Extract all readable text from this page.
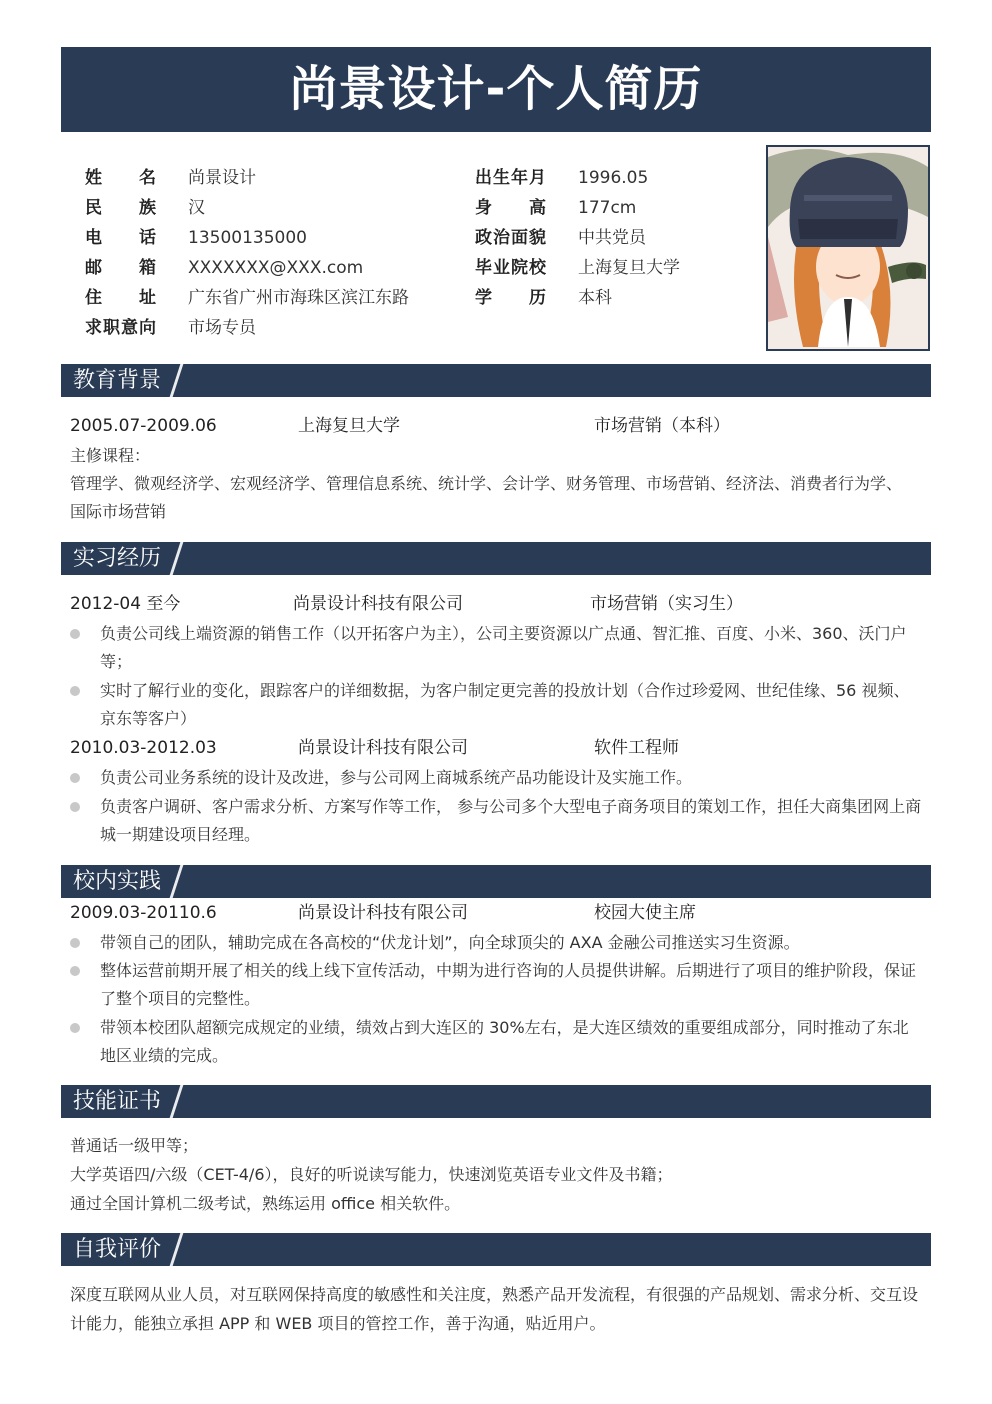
尚景设计-个人简历
姓　　名 尚景设计
民　　族 汉
电　　话 13500135000
邮　　箱 XXXXXXX@XXX.com
住　　址 广东省广州市海珠区滨江东路
求职意向 市场专员
出生年月 1996.05
身　　高 177cm
政治面貌 中共党员
毕业院校 上海复旦大学
学　　历 本科
教育背景
2005.07-2009.06	上海复旦大学	市场营销（本科）
主修课程：
管理学、微观经济学、宏观经济学、管理信息系统、统计学、会计学、财务管理、市场营销、经济法、消费者行为学、
国际市场营销
实习经历
2012-04 至今	尚景设计科技有限公司	市场营销（实习生）
负责公司线上端资源的销售工作（以开拓客户为主），公司主要资源以广点通、智汇推、百度、小米、360、沃门户等；
实时了解行业的变化，跟踪客户的详细数据，为客户制定更完善的投放计划（合作过珍爱网、世纪佳缘、56 视频、京东等客户）
2010.03-2012.03	尚景设计科技有限公司	软件工程师
负责公司业务系统的设计及改进，参与公司网上商城系统产品功能设计及实施工作。
负责客户调研、客户需求分析、方案写作等工作， 参与公司多个大型电子商务项目的策划工作，担任大商集团网上商城一期建设项目经理。
校内实践
2009.03-20110.6	尚景设计科技有限公司	校园大使主席
带领自己的团队，辅助完成在各高校的“伏龙计划”，向全球顶尖的 AXA 金融公司推送实习生资源。
整体运营前期开展了相关的线上线下宣传活动，中期为进行咨询的人员提供讲解。后期进行了项目的维护阶段，保证了整个项目的完整性。
带领本校团队超额完成规定的业绩，绩效占到大连区的 30%左右，是大连区绩效的重要组成部分，同时推动了东北地区业绩的完成。
技能证书
普通话一级甲等；
大学英语四/六级（CET-4/6），良好的听说读写能力，快速浏览英语专业文件及书籍；
通过全国计算机二级考试，熟练运用 office 相关软件。
自我评价
深度互联网从业人员，对互联网保持高度的敏感性和关注度，熟悉产品开发流程，有很强的产品规划、需求分析、交互设计能力，能独立承担 APP 和 WEB 项目的管控工作，善于沟通，贴近用户。
